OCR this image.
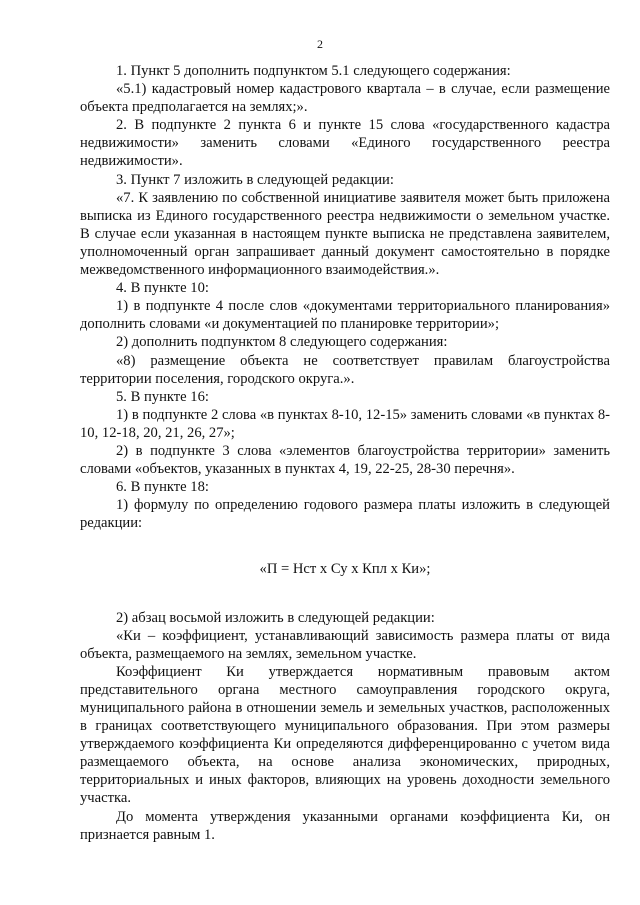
2

1. Пункт 5 дополнить подпунктом 5.1 следующего содержания:

«5.1) кадастровый номер кадастрового квартала – в случае, если размещение объекта предполагается на землях;».

2. В подпункте 2 пункта 6 и пункте 15 слова «государственного кадастра недвижимости» заменить словами «Единого государственного реестра недвижимости».

3. Пункт 7 изложить в следующей редакции:

«7. К заявлению по собственной инициативе заявителя может быть приложена выписка из Единого государственного реестра недвижимости о земельном участке. В случае если указанная в настоящем пункте выписка не представлена заявителем, уполномоченный орган запрашивает данный документ самостоятельно в порядке межведомственного информационного взаимодействия.».

4. В пункте 10:

1) в подпункте 4 после слов «документами территориального планирования» дополнить словами «и документацией по планировке территории»;

2) дополнить подпунктом 8 следующего содержания:

«8) размещение объекта не соответствует правилам благоустройства территории поселения, городского округа.».

5. В пункте 16:

1) в подпункте 2 слова «в пунктах 8-10, 12-15» заменить словами «в пунктах 8-10, 12-18, 20, 21, 26, 27»;

2) в подпункте 3 слова «элементов благоустройства территории» заменить словами «объектов, указанных в пунктах 4, 19, 22-25, 28-30 перечня».

6. В пункте 18:

1) формулу по определению годового размера платы изложить в следующей редакции:

«П = Нст х Су х Кпл х Ки»;

2) абзац восьмой изложить в следующей редакции:

«Ки – коэффициент, устанавливающий зависимость размера платы от вида объекта, размещаемого на землях, земельном участке.

Коэффициент Ки утверждается нормативным правовым актом представительного органа местного самоуправления городского округа, муниципального района в отношении земель и земельных участков, расположенных в границах соответствующего муниципального образования. При этом размеры утверждаемого коэффициента Ки определяются дифференцированно с учетом вида размещаемого объекта, на основе анализа экономических, природных, территориальных и иных факторов, влияющих на уровень доходности земельного участка.

До момента утверждения указанными органами коэффициента Ки, он признается равным 1.
